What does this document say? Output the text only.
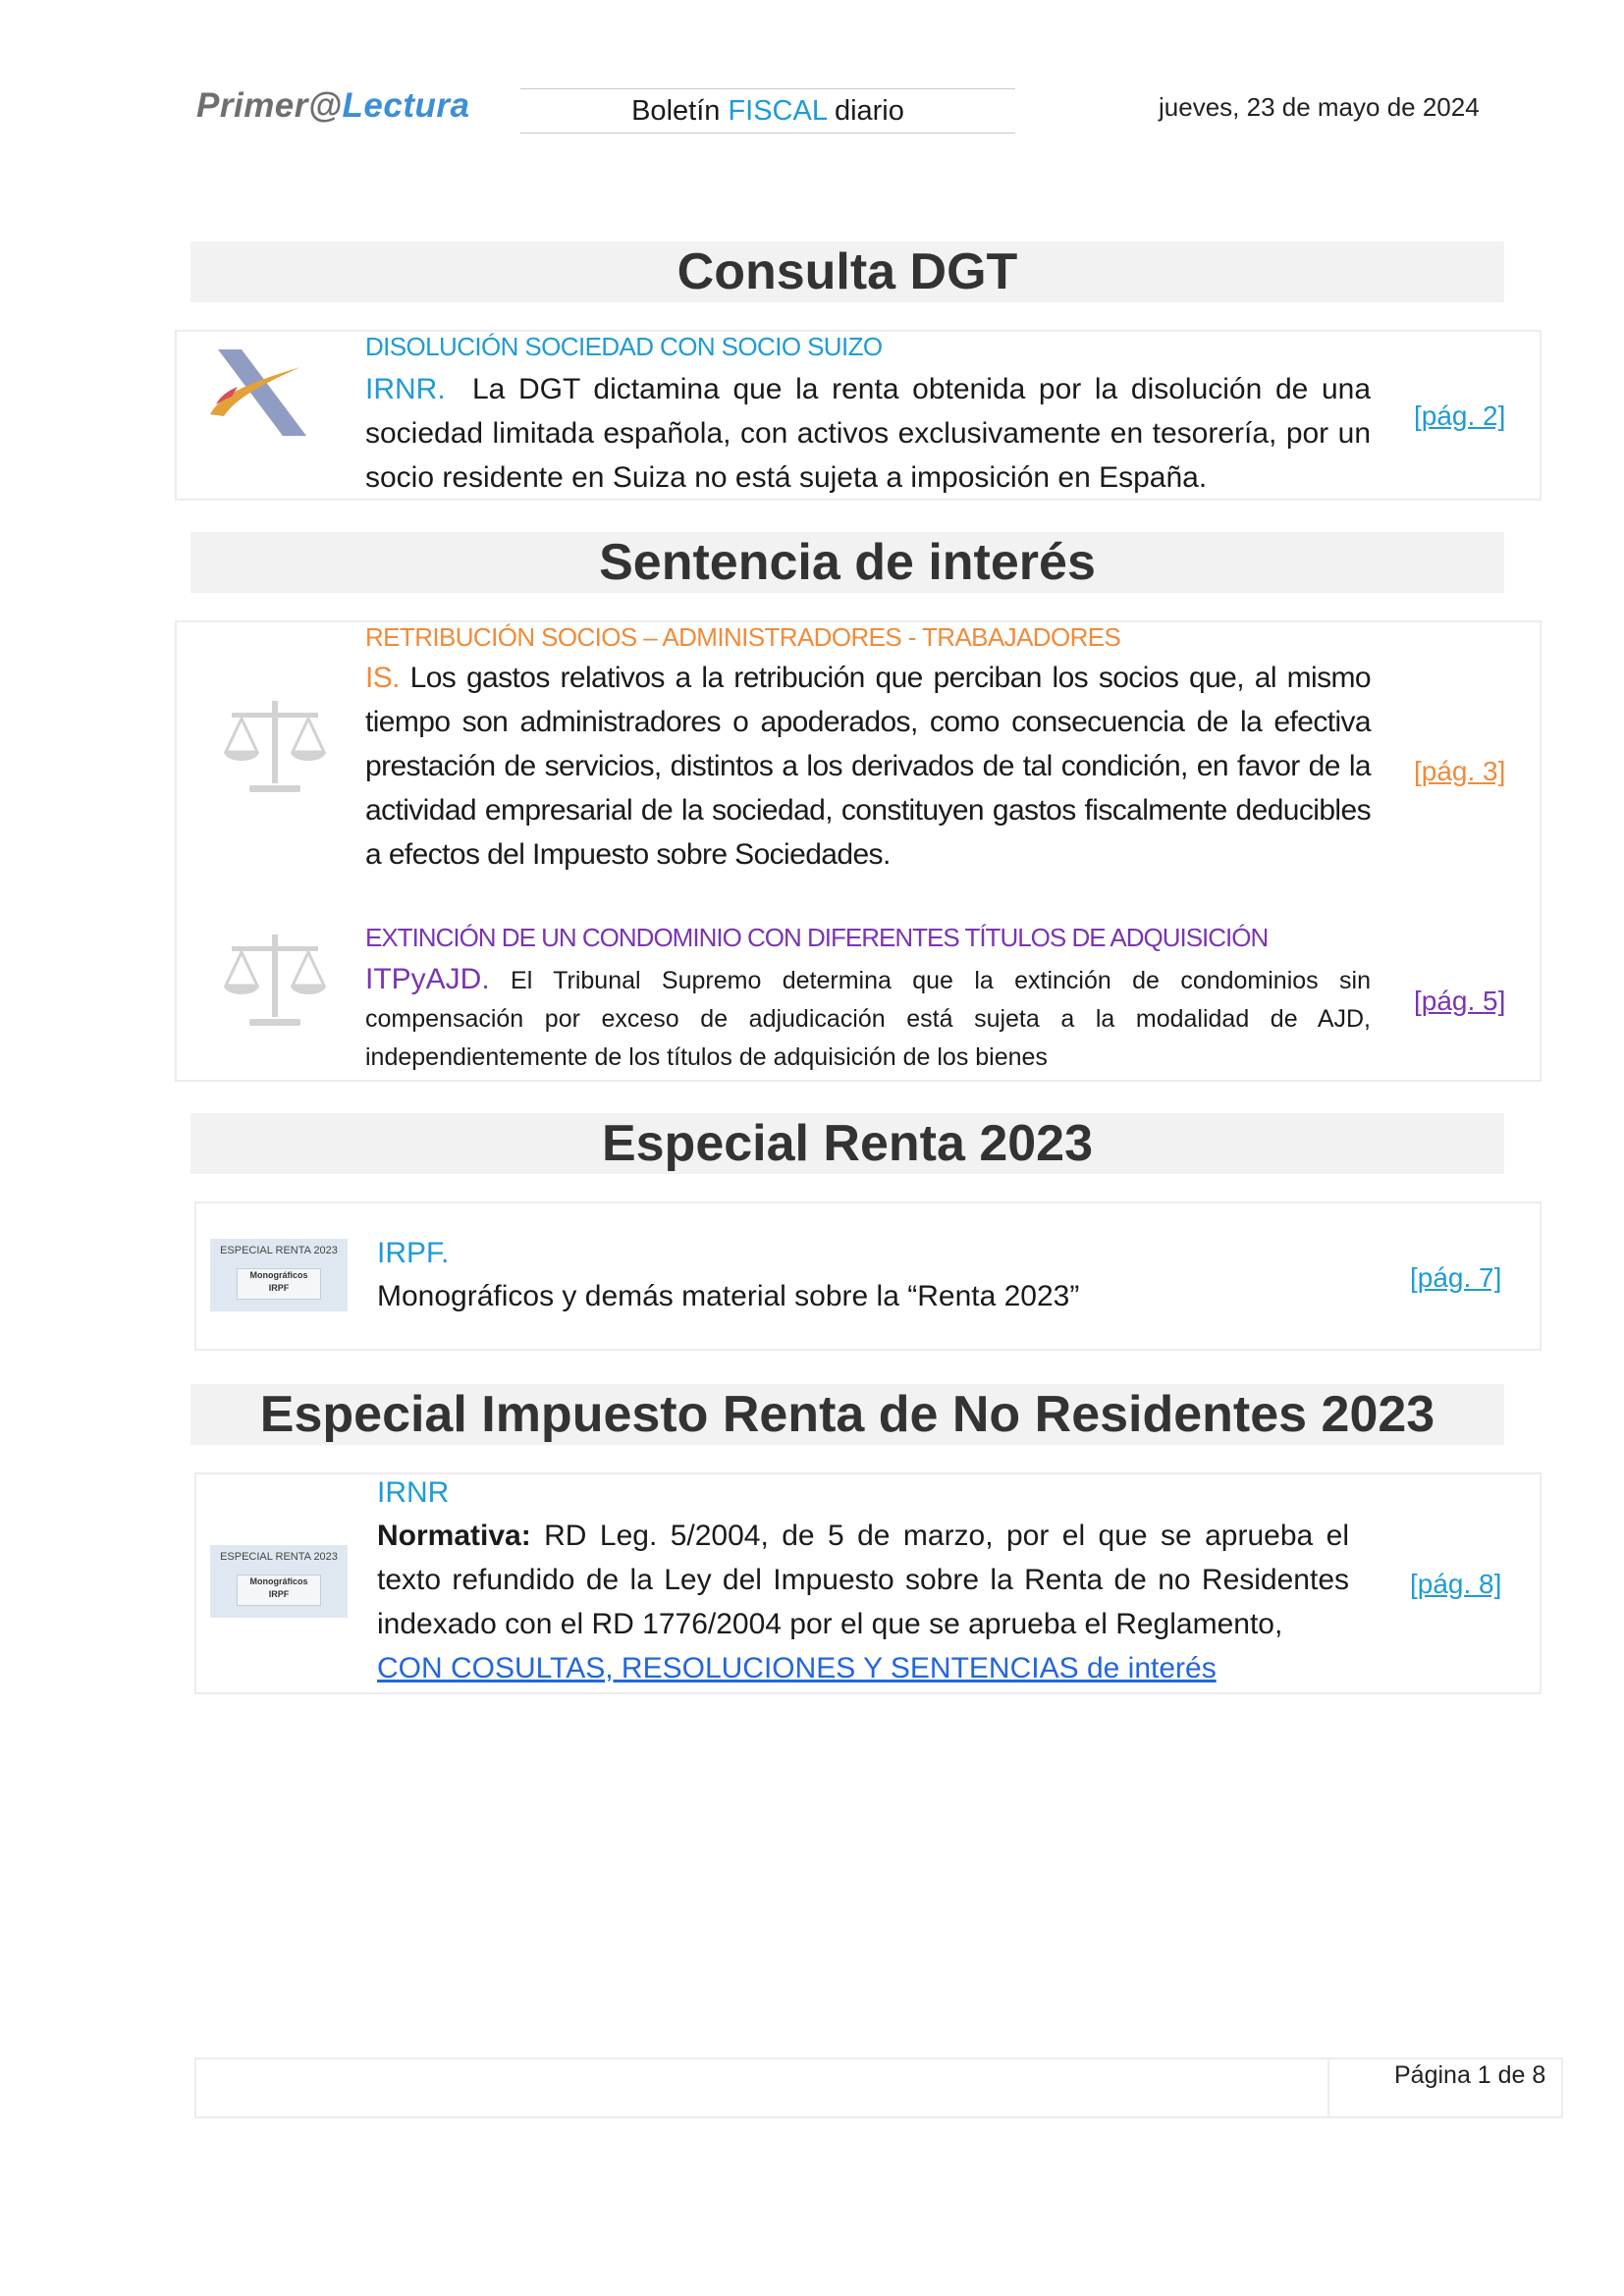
Primer@Lectura	Boletín FISCAL diario	jueves, 23 de mayo de 2024
Consulta DGT
DISOLUCIÓN SOCIEDAD CON SOCIO SUIZO
IRNR. La DGT dictamina que la renta obtenida por la disolución de una sociedad limitada española, con activos exclusivamente en tesorería, por un socio residente en Suiza no está sujeta a imposición en España.
[pág. 2]
Sentencia de interés
RETRIBUCIÓN SOCIOS – ADMINISTRADORES - TRABAJADORES
IS. Los gastos relativos a la retribución que perciban los socios que, al mismo tiempo son administradores o apoderados, como consecuencia de la efectiva prestación de servicios, distintos a los derivados de tal condición, en favor de la actividad empresarial de la sociedad, constituyen gastos fiscalmente deducibles a efectos del Impuesto sobre Sociedades.
[pág. 3]
EXTINCIÓN DE UN CONDOMINIO CON DIFERENTES TÍTULOS DE ADQUISICIÓN
ITPyAJD. El Tribunal Supremo determina que la extinción de condominios sin compensación por exceso de adjudicación está sujeta a la modalidad de AJD, independientemente de los títulos de adquisición de los bienes
[pág. 5]
Especial Renta 2023
ESPECIAL RENTA 2023
Monográficos
IRPF
IRPF.
Monográficos y demás material sobre la “Renta 2023”
[pág. 7]
Especial Impuesto Renta de No Residentes 2023
ESPECIAL RENTA 2023
Monográficos
IRPF
IRNR
Normativa: RD Leg. 5/2004, de 5 de marzo, por el que se aprueba el texto refundido de la Ley del Impuesto sobre la Renta de no Residentes indexado con el RD 1776/2004 por el que se aprueba el Reglamento,
CON COSULTAS, RESOLUCIONES Y SENTENCIAS de interés
[pág. 8]
Página 1 de 8
